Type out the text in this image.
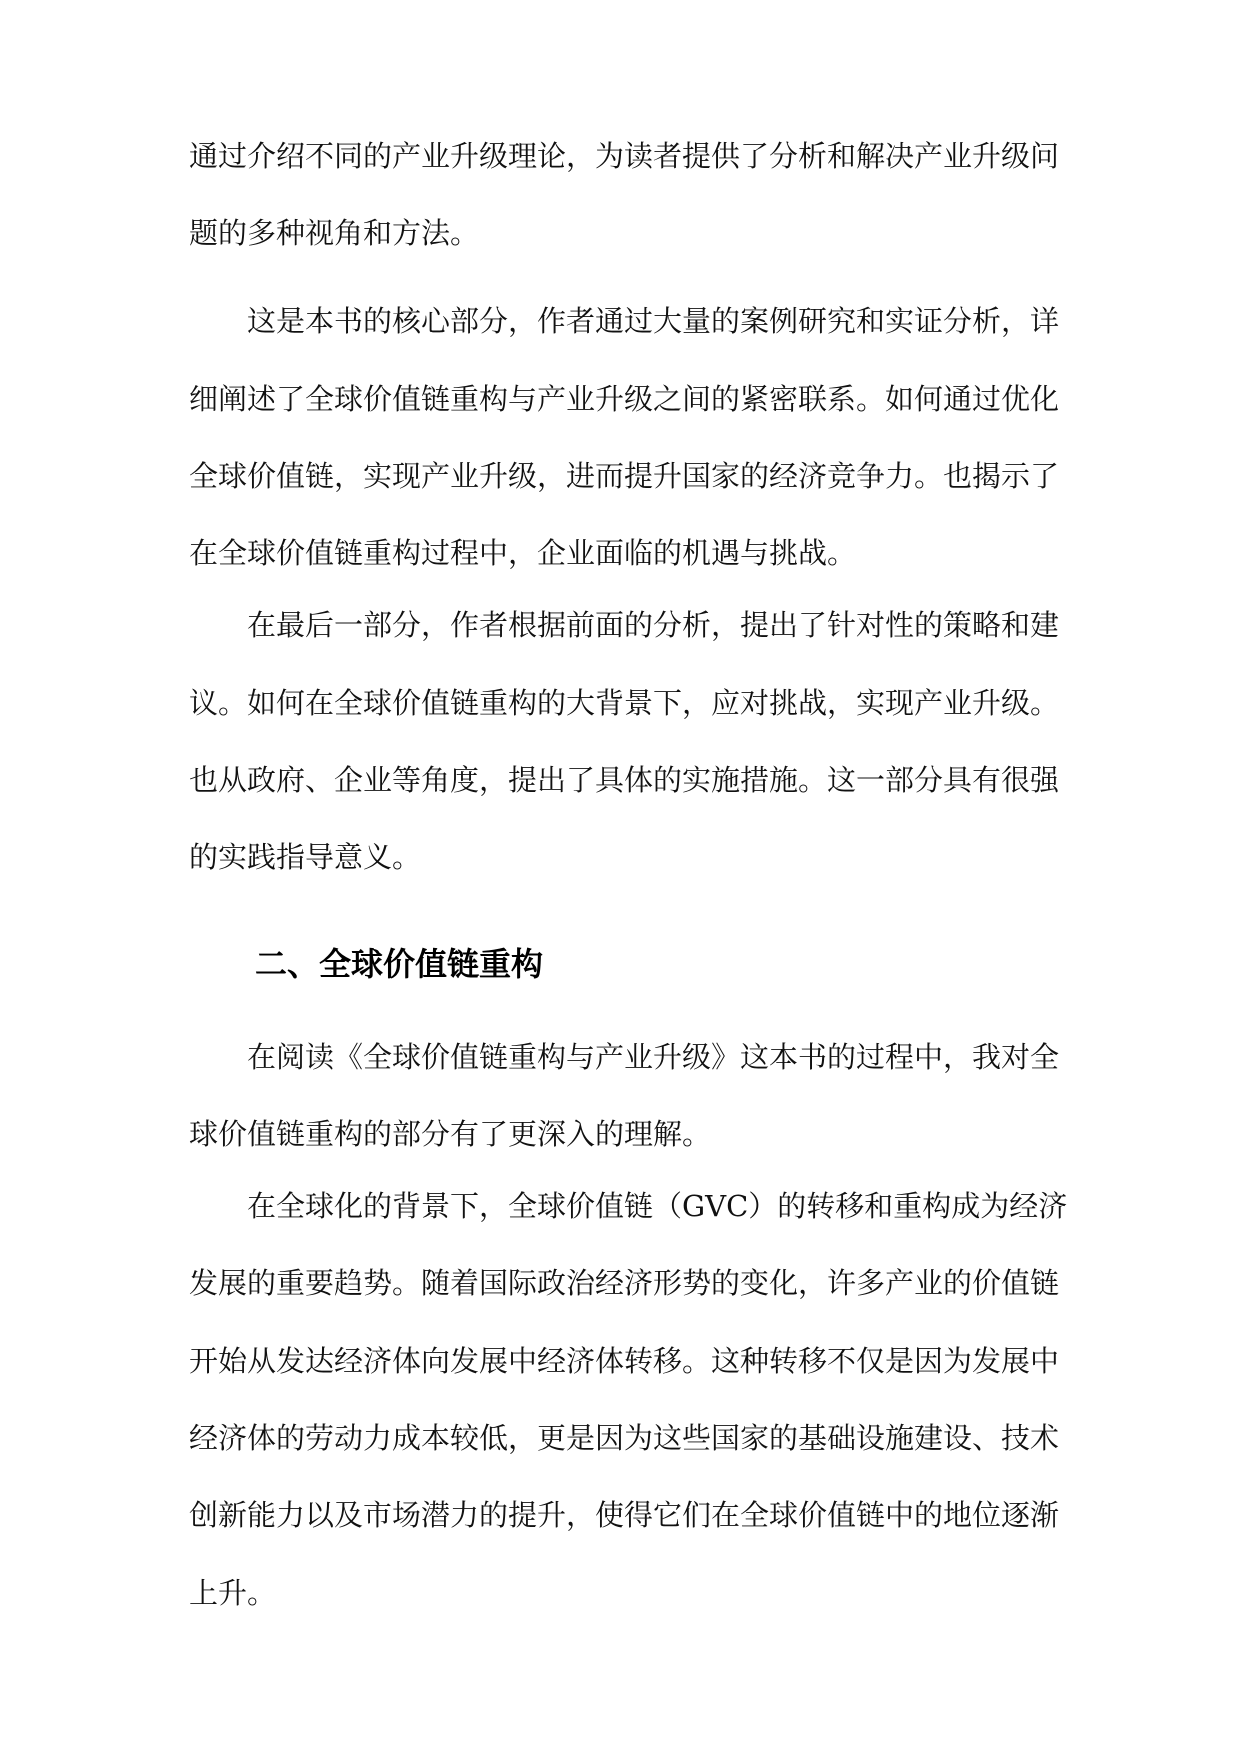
通过介绍不同的产业升级理论，为读者提供了分析和解决产业升级问
题的多种视角和方法。
这是本书的核心部分，作者通过大量的案例研究和实证分析，详
细阐述了全球价值链重构与产业升级之间的紧密联系。如何通过优化
全球价值链，实现产业升级，进而提升国家的经济竞争力。也揭示了
在全球价值链重构过程中，企业面临的机遇与挑战。
在最后一部分，作者根据前面的分析，提出了针对性的策略和建
议。如何在全球价值链重构的大背景下，应对挑战，实现产业升级。
也从政府、企业等角度，提出了具体的实施措施。这一部分具有很强
的实践指导意义。
二、全球价值链重构
在阅读《全球价值链重构与产业升级》这本书的过程中，我对全
球价值链重构的部分有了更深入的理解。
在全球化的背景下，全球价值链（GVC）的转移和重构成为经济
发展的重要趋势。随着国际政治经济形势的变化，许多产业的价值链
开始从发达经济体向发展中经济体转移。这种转移不仅是因为发展中
经济体的劳动力成本较低，更是因为这些国家的基础设施建设、技术
创新能力以及市场潜力的提升，使得它们在全球价值链中的地位逐渐
上升。
